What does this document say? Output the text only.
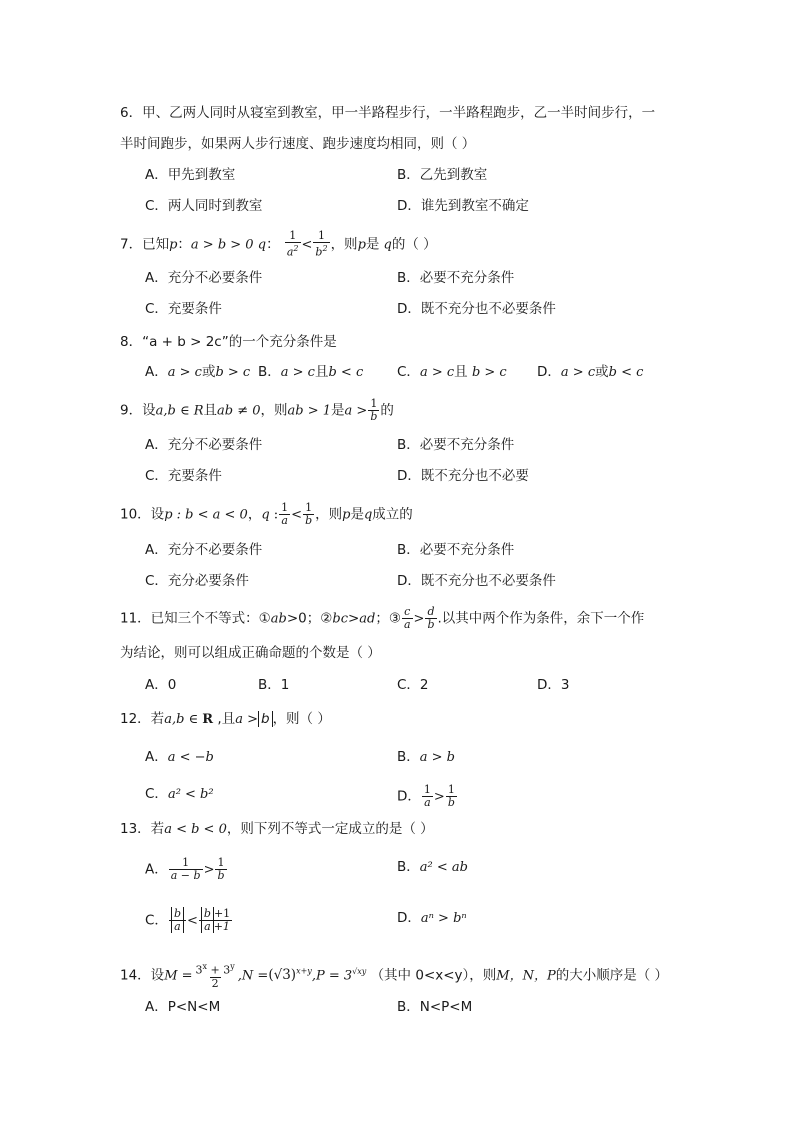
6．甲、乙两人同时从寝室到教室，甲一半路程步行，一半路程跑步，乙一半时间步行，一
半时间跑步，如果两人步行速度、跑步速度均相同，则（ ）
A．甲先到教室	B．乙先到教室
C．两人同时到教室	D．谁先到教室不确定
7．已知p：a > b > 0 q： $\frac{1}{a^2} < \frac{1}{b^2}$ ，则p是 q的（ ）
A．充分不必要条件	B．必要不充分条件
C．充要条件	D．既不充分也不必要条件
8．“a + b > 2c”的一个充分条件是
A．a > c或b > c B．a > c且b < c	C．a > c且 b > c D．a > c或b < c
9．设a,b ∈ R且ab ≠ 0，则ab > 1是$a > \frac{1}{b}$ 的
A．充分不必要条件	B．必要不充分条件
C．充要条件	D．既不充分也不必要
10．设p : b < a < 0，q : $\frac{1}{a} < \frac{1}{b}$ ，则p是q成立的
A．充分不必要条件	B．必要不充分条件
C．充分必要条件	D．既不充分也不必要条件
11．已知三个不等式：①ab>0；②bc>ad；③ $\frac{c}{a} > \frac{d}{b}$ .以其中两个作为条件，余下一个作
为结论，则可以组成正确命题的个数是（ ）
A．0	B．1	C．2	D．3
12．若a,b ∈ R ,且a > b ，则（ ）
A．a < −b	B．a > b
C．a² < b²	D． $\frac{1}{a} > \frac{1}{b}$
13．若a < b < 0，则下列不等式一定成立的是（ ）
A． $\frac{1}{a - b} > \frac{1}{b}$	B．a² < ab
C． $\frac{b}{a} < \frac{b +1}{a +1}$	D．aⁿ > bⁿ
14．设$M = \frac{3^x + 3^y}{2} ,N =(√3)^{x+y},P = 3^{√xy}$ （其中 0<x<y），则M，N，P的大小顺序是（ ）
A．P<N<M	B．N<P<M
